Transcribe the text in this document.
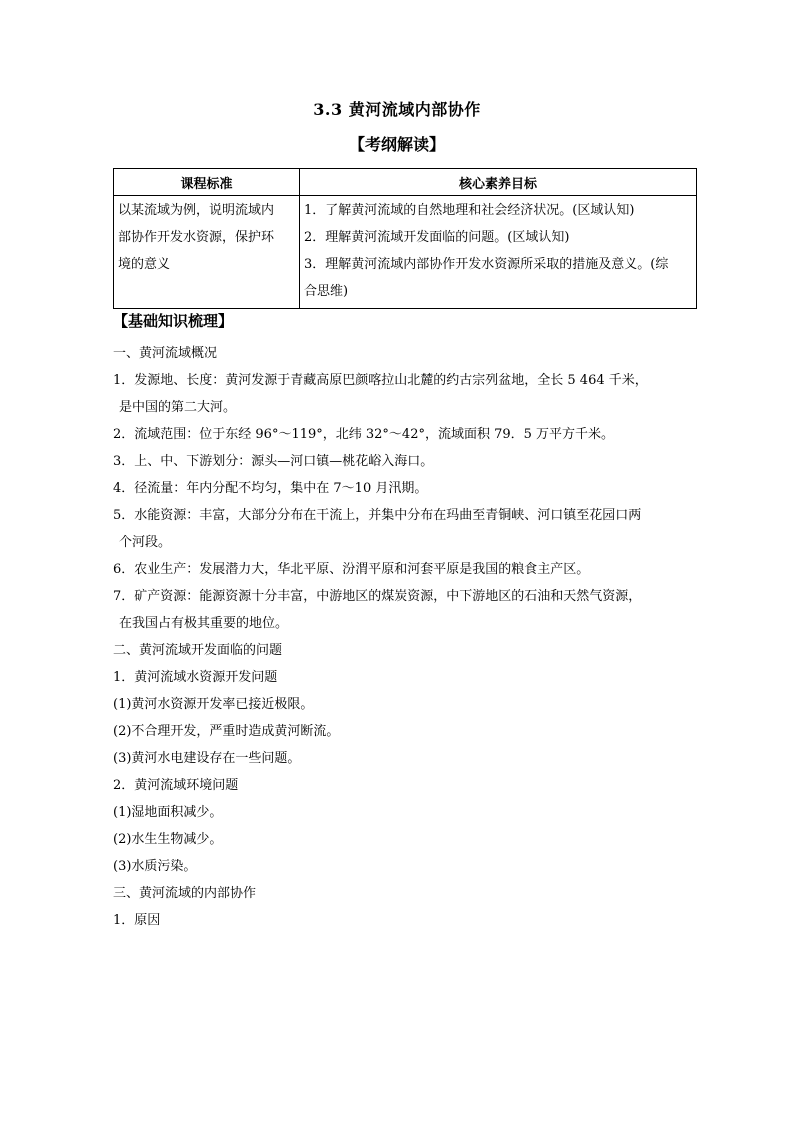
3.3 黄河流域内部协作
【考纲解读】
课程标准	核心素养目标

以某流域为例，说明流域内
部协作开发水资源，保护环
境的意义	1．了解黄河流域的自然地理和社会经济状况。(区域认知)
2．理解黄河流域开发面临的问题。(区域认知)
3．理解黄河流域内部协作开发水资源所采取的措施及意义。(综
合思维)
【基础知识梳理】

一、黄河流域概况

1．发源地、长度：黄河发源于青藏高原巴颜喀拉山北麓的约古宗列盆地，全长 5 464 千米，

是中国的第二大河。

2．流域范围：位于东经 96°～119°，北纬 32°～42°，流域面积 79．5 万平方千米。

3．上、中、下游划分：源头—河口镇—桃花峪入海口。

4．径流量：年内分配不均匀，集中在 7～10 月汛期。

5．水能资源：丰富，大部分分布在干流上，并集中分布在玛曲至青铜峡、河口镇至花园口两

个河段。

6．农业生产：发展潜力大，华北平原、汾渭平原和河套平原是我国的粮食主产区。

7．矿产资源：能源资源十分丰富，中游地区的煤炭资源，中下游地区的石油和天然气资源，

在我国占有极其重要的地位。

二、黄河流域开发面临的问题

1．黄河流域水资源开发问题

(1)黄河水资源开发率已接近极限。

(2)不合理开发，严重时造成黄河断流。

(3)黄河水电建设存在一些问题。

2．黄河流域环境问题

(1)湿地面积减少。

(2)水生生物减少。

(3)水质污染。

三、黄河流域的内部协作

1．原因
